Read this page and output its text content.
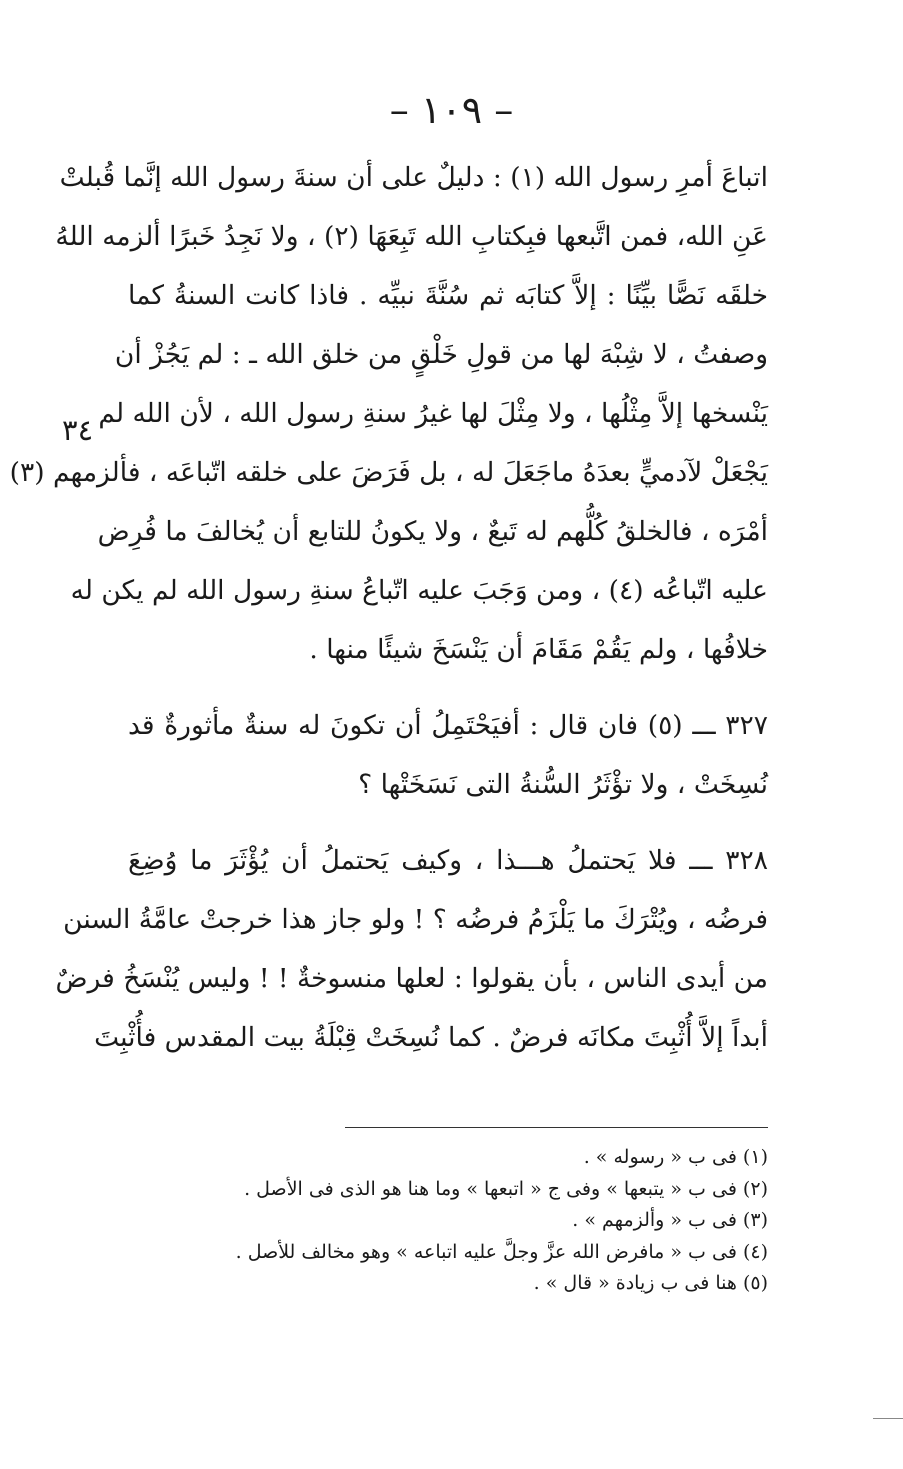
– ١٠٩ –
٣٤
اتباعَ أمرِ رسول الله (١) : دليلٌ على أن سنةَ رسول الله إنَّما قُبلتْ
عَنِ الله، فمن اتَّبعها فبِكتابِ الله تَبِعَهَا (٢) ، ولا نَجِدُ خَبرًا ألزمه اللهُ
خلقَه نَصًّا بيِّنًا : إلاَّ كتابَه ثم سُنَّةَ نبيِّه . فاذا كانت السنةُ كما
وصفتُ ، لا شِبْهَ لها من قولِ خَلْقٍ من خلق الله ـ : لم يَجُزْ أن
يَنْسخها إلاَّ مِثْلُها ، ولا مِثْلَ لها غيرُ سنةِ رسول الله ، لأن الله لم
يَجْعَلْ لآدميٍّ بعدَهُ ماجَعَلَ له ، بل فَرَضَ على خلقه اتّباعَه ، فألزمهم (٣)
أمْرَه ، فالخلقُ كُلُّهم له تَبعٌ ، ولا يكونُ للتابع أن يُخالفَ ما فُرِض
عليه اتّباعُه (٤) ، ومن وَجَبَ عليه اتّباعُ سنةِ رسول الله لم يكن له
خلافُها ، ولم يَقُمْ مَقَامَ أن يَنْسَخَ شيئًا منها .
٣٢٧ ـــ (٥) فان قال : أفيَحْتَمِلُ أن تكونَ له سنةٌ مأثورةٌ قد
نُسِخَتْ ، ولا تؤْثَرُ السُّنةُ التى نَسَخَتْها ؟
٣٢٨ ـــ فلا يَحتملُ هـــذا ، وكيف يَحتملُ أن يُؤْثَرَ ما وُضِعَ
فرضُه ، ويُتْرَكَ ما يَلْزَمُ فرضُه ؟ ! ولو جاز هذا خرجتْ عامَّةُ السنن
من أيدى الناس ، بأن يقولوا : لعلها منسوخةٌ ! ! وليس يُنْسَخُ فرضٌ
أبداً إلاَّ أُثْبِتَ مكانَه فرضٌ . كما نُسِخَتْ قِبْلَةُ بيت المقدس فأُثْبِتَ
(١) فى ب « رسوله » .
(٢) فى ب « يتبعها » وفى ج « اتبعها » وما هنا هو الذى فى الأصل .
(٣) فى ب « وألزمهم » .
(٤) فى ب « مافرض الله عزَّ وجلَّ عليه اتباعه » وهو مخالف للأصل .
(٥) هنا فى ب زيادة « قال » .
